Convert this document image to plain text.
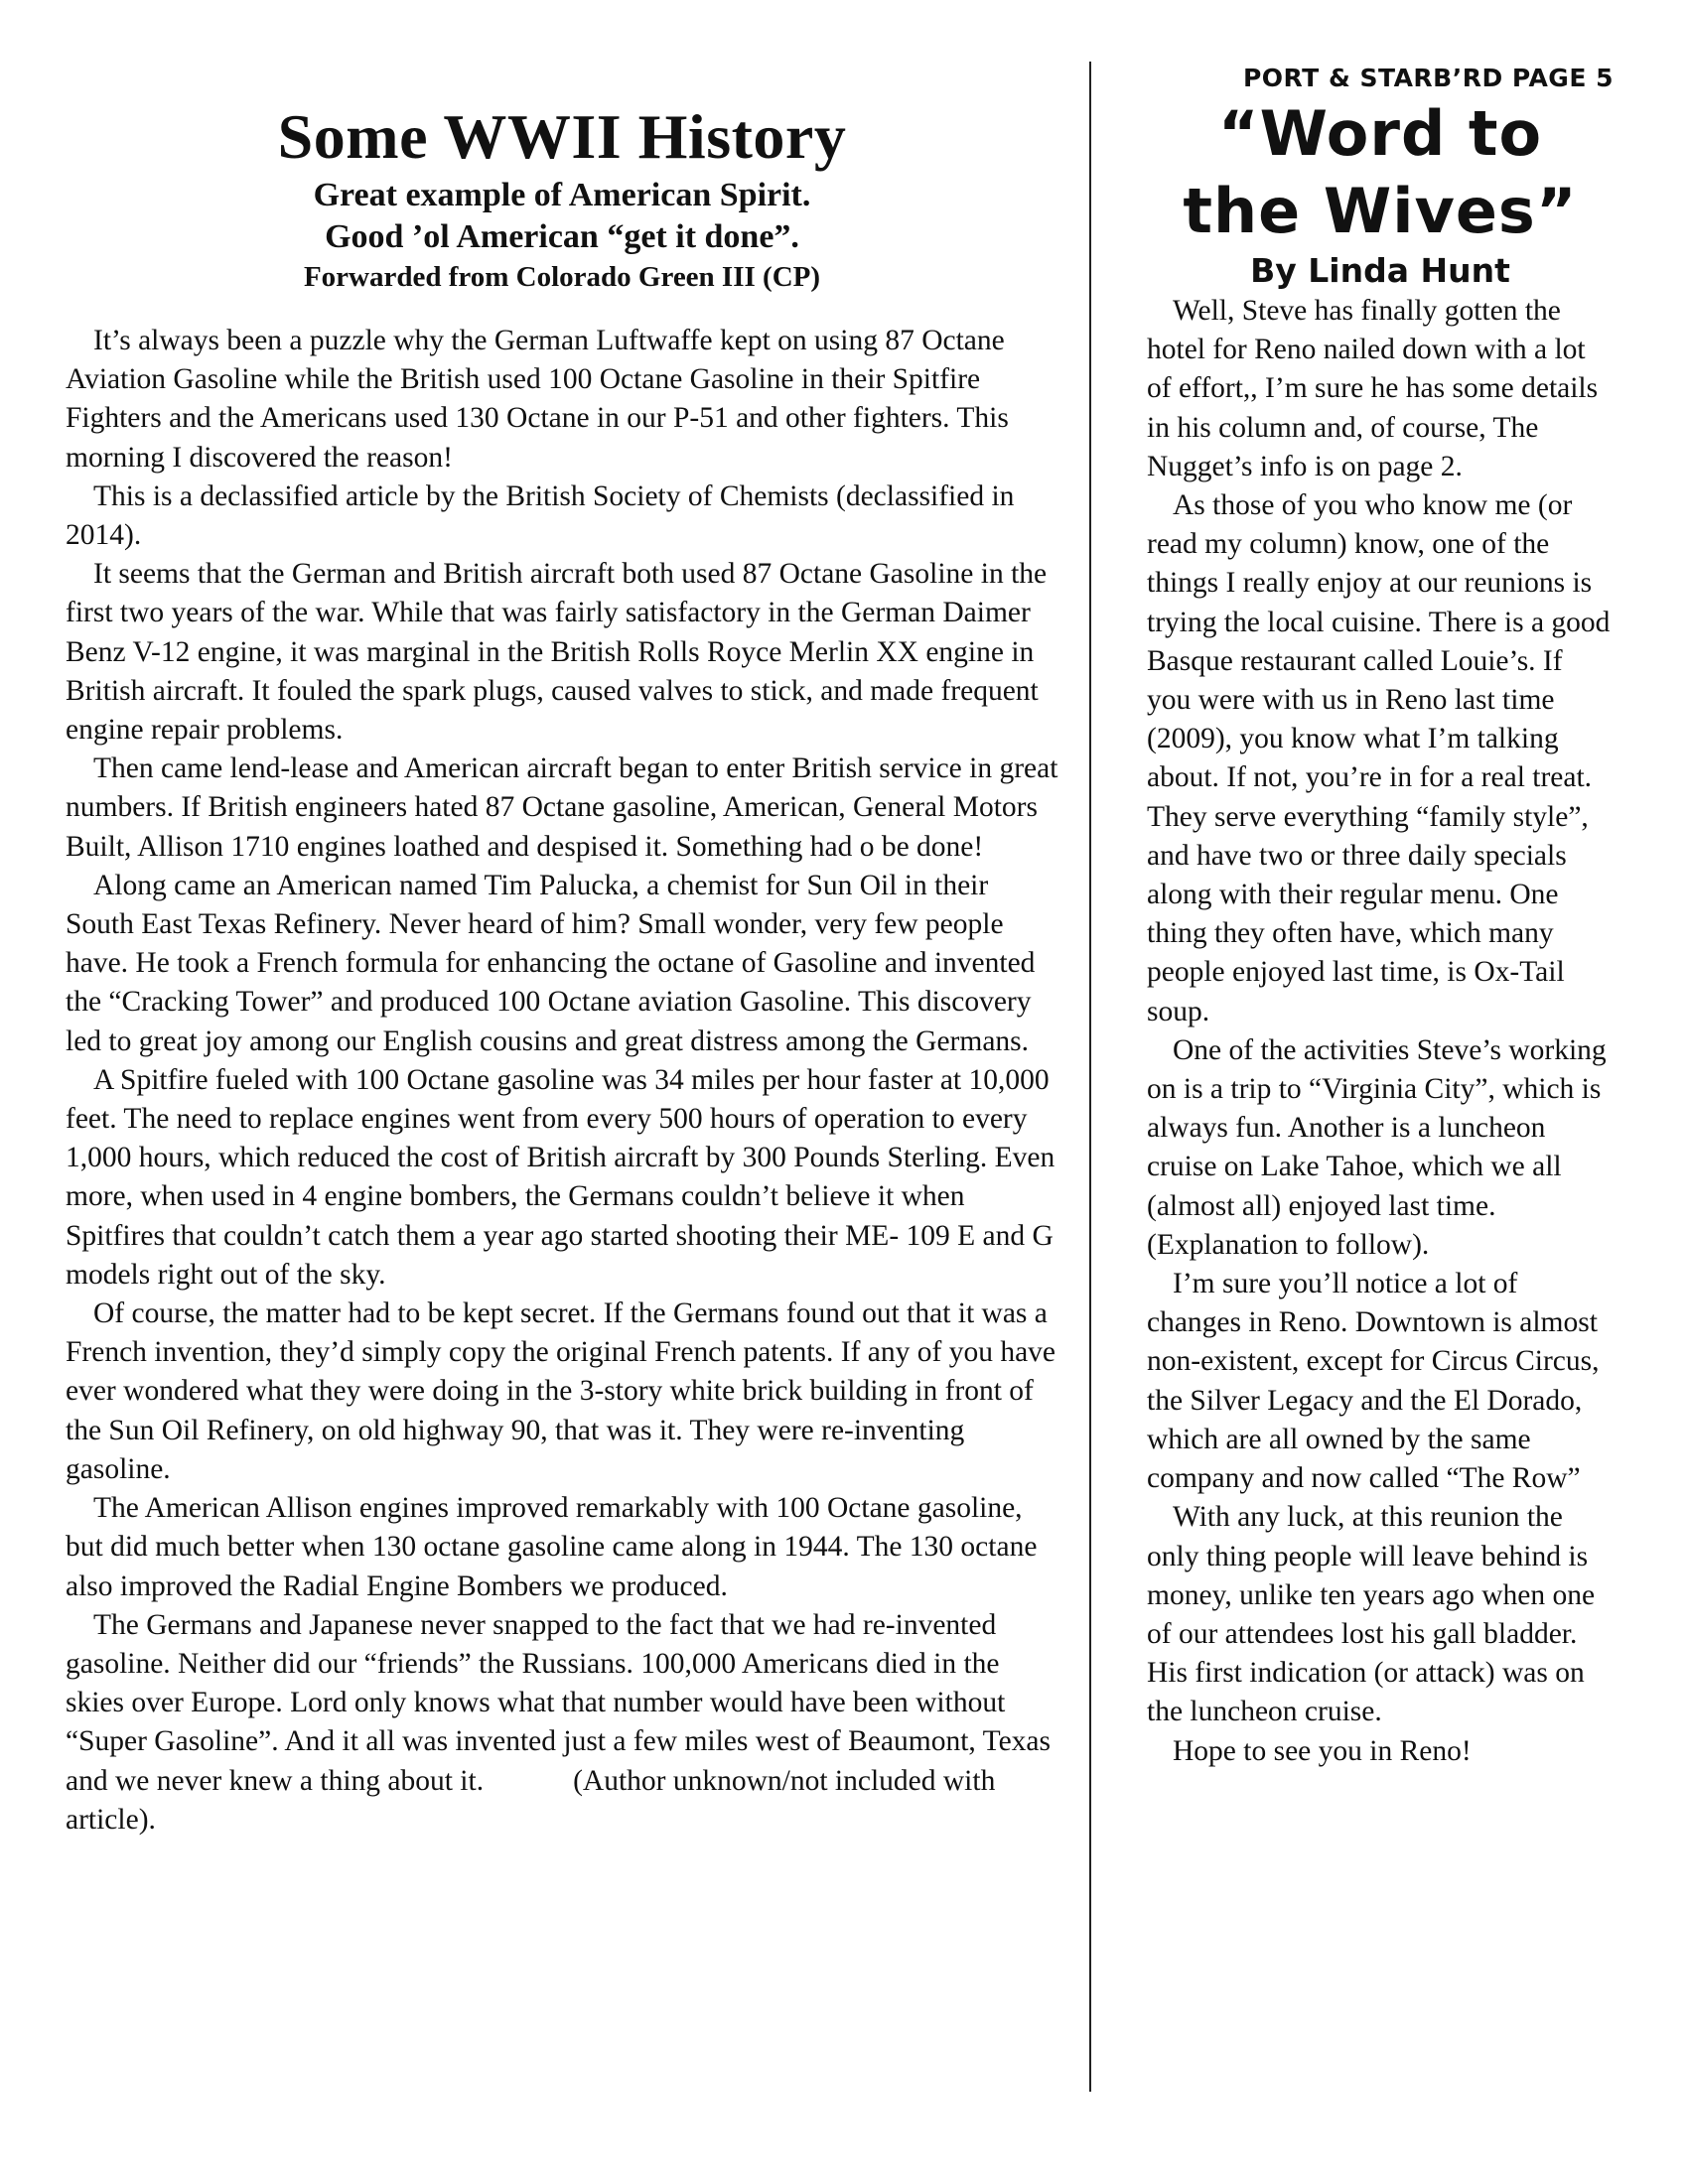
Some WWII History
Great example of American Spirit.
Good ’ol American “get it done”.
Forwarded from Colorado Green III (CP)

It’s always been a puzzle why the German Luftwaffe kept on using 87 Octane Aviation Gasoline while the British used 100 Octane Gasoline in their Spitfire Fighters and the Americans used 130 Octane in our P-51 and other fighters. This morning I discovered the reason!

This is a declassified article by the British Society of Chemists (declassified in 2014).

It seems that the German and British aircraft both used 87 Octane Gasoline in the first two years of the war. While that was fairly satisfactory in the German Daimer Benz V-12 engine, it was marginal in the British Rolls Royce Merlin XX engine in British aircraft. It fouled the spark plugs, caused valves to stick, and made frequent engine repair problems.

Then came lend-lease and American aircraft began to enter British service in great numbers. If British engineers hated 87 Octane gasoline, American, General Motors Built, Allison 1710 engines loathed and despised it. Something had o be done!

Along came an American named Tim Palucka, a chemist for Sun Oil in their South East Texas Refinery. Never heard of him? Small wonder, very few people have. He took a French formula for enhancing the octane of Gasoline and invented the “Cracking Tower” and produced 100 Octane aviation Gasoline. This discovery led to great joy among our English cousins and great distress among the Germans.

A Spitfire fueled with 100 Octane gasoline was 34 miles per hour faster at 10,000 feet. The need to replace engines went from every 500 hours of operation to every 1,000 hours, which reduced the cost of British aircraft by 300 Pounds Sterling. Even more, when used in 4 engine bombers, the Germans couldn’t believe it when Spitfires that couldn’t catch them a year ago started shooting their ME- 109 E and G models right out of the sky.

Of course, the matter had to be kept secret. If the Germans found out that it was a French invention, they’d simply copy the original French patents. If any of you have ever wondered what they were doing in the 3-story white brick building in front of the Sun Oil Refinery, on old highway 90, that was it. They were re-inventing gasoline.

The American Allison engines improved remarkably with 100 Octane gasoline, but did much better when 130 octane gasoline came along in 1944. The 130 octane also improved the Radial Engine Bombers we produced.

The Germans and Japanese never snapped to the fact that we had re-invented gasoline. Neither did our “friends” the Russians. 100,000 Americans died in the skies over Europe. Lord only knows what that number would have been without “Super Gasoline”. And it all was invented just a few miles west of Beaumont, Texas and we never knew a thing about it.	(Author unknown/not included with article).

PORT & STARB’RD PAGE 5
“Word to
the Wives”
By Linda Hunt

Well, Steve has finally gotten the hotel for Reno nailed down with a lot of effort,, I’m sure he has some details in his column and, of course, The Nugget’s info is on page 2.

As those of you who know me (or read my column) know, one of the things I really enjoy at our reunions is trying the local cuisine. There is a good Basque restaurant called Louie’s. If you were with us in Reno last time (2009), you know what I’m talking about. If not, you’re in for a real treat. They serve everything “family style”, and have two or three daily specials along with their regular menu. One thing they often have, which many people enjoyed last time, is Ox-Tail soup.

One of the activities Steve’s working on is a trip to “Virginia City”, which is always fun. Another is a luncheon cruise on Lake Tahoe, which we all (almost all) enjoyed last time. (Explanation to follow).

I’m sure you’ll notice a lot of changes in Reno. Downtown is almost non-existent, except for Circus Circus, the Silver Legacy and the El Dorado, which are all owned by the same company and now called “The Row”

With any luck, at this reunion the only thing people will leave behind is money, unlike ten years ago when one of our attendees lost his gall bladder. His first indication (or attack) was on the luncheon cruise.

Hope to see you in Reno!
